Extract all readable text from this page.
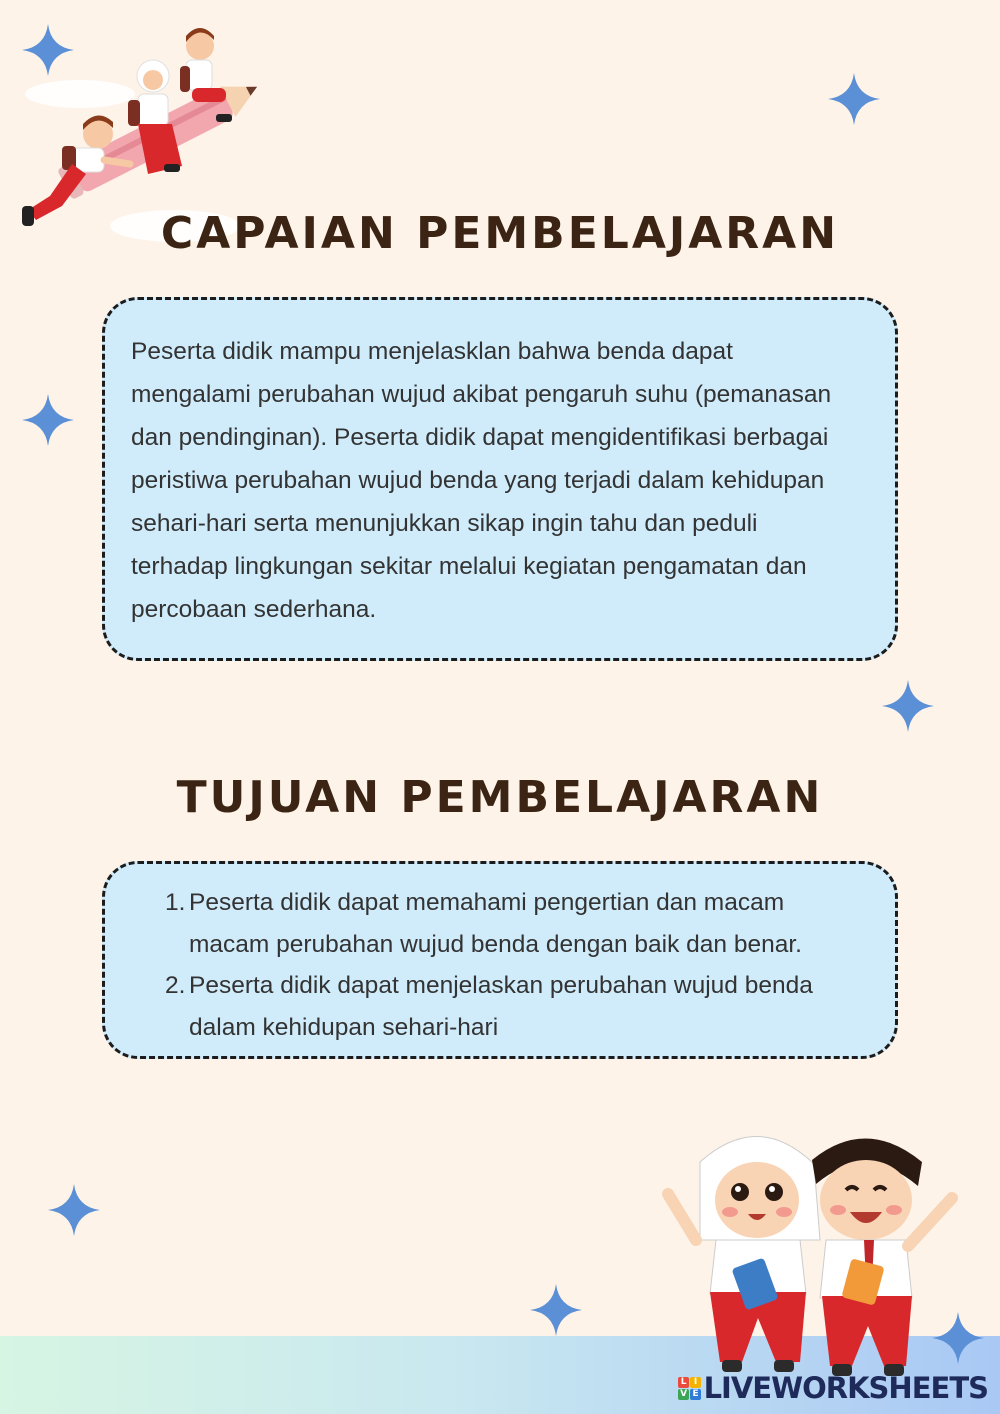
CAPAIAN PEMBELAJARAN
Peserta didik mampu menjelasklan bahwa benda dapat
mengalami perubahan wujud akibat pengaruh suhu (pemanasan
dan pendinginan). Peserta didik dapat mengidentifikasi berbagai
peristiwa perubahan wujud benda yang terjadi dalam kehidupan
sehari-hari serta menunjukkan sikap ingin tahu dan peduli
terhadap lingkungan sekitar melalui kegiatan pengamatan dan
percobaan sederhana.
TUJUAN PEMBELAJARAN
1. Peserta didik dapat memahami pengertian dan macam
macam perubahan wujud benda dengan baik dan benar.
2. Peserta didik dapat menjelaskan perubahan wujud benda
dalam kehidupan sehari-hari
L I
V E LIVEWORKSHEETS
